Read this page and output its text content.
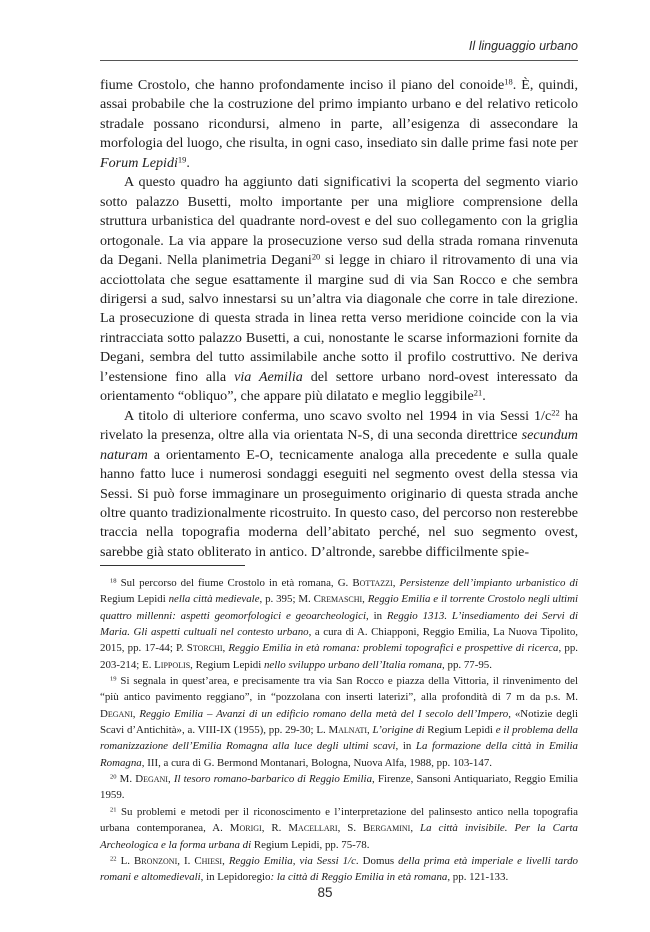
Il linguaggio urbano

fiume Crostolo, che hanno profondamente inciso il piano del conoide$^{18}$. È, quindi, assai probabile che la costruzione del primo impianto urbano e del relativo reticolo stradale possano ricondursi, almeno in parte, all’esigenza di assecondare la morfologia del luogo, che risulta, in ogni caso, insediato sin dalle prime fasi note per Forum Lepidi$^{19}$.

A questo quadro ha aggiunto dati significativi la scoperta del segmento viario sotto palazzo Busetti, molto importante per una migliore comprensione della struttura urbanistica del quadrante nord-ovest e del suo collegamento con la griglia ortogonale. La via appare la prosecuzione verso sud della strada romana rinvenuta da Degani. Nella planimetria Degani$^{20}$ si legge in chiaro il ritrovamento di una via acciottolata che segue esattamente il margine sud di via San Rocco e che sembra dirigersi a sud, salvo innestarsi su un’altra via diagonale che corre in tale direzione. La prosecuzione di questa strada in linea retta verso meridione coincide con la via rintracciata sotto palazzo Busetti, a cui, nonostante le scarse informazioni fornite da Degani, sembra del tutto assimilabile anche sotto il profilo costruttivo. Ne deriva l’estensione fino alla via Aemilia del settore urbano nord-ovest interessato da orientamento “obliquo”, che appare più dilatato e meglio leggibile$^{21}$.

A titolo di ulteriore conferma, uno scavo svolto nel 1994 in via Sessi $1/c^{22}$ ha rivelato la presenza, oltre alla via orientata N-S, di una seconda direttrice secundum naturam a orientamento E-O, tecnicamente analoga alla precedente e sulla quale hanno fatto luce i numerosi sondaggi eseguiti nel segmento ovest della stessa via Sessi. Si può forse immaginare un proseguimento originario di questa strada anche oltre quanto tradizionalmente ricostruito. In questo caso, del percorso non resterebbe traccia nella topografia moderna dell’abitato perché, nel suo segmento ovest, sarebbe già stato obliterato in antico. D’altronde, sarebbe difficilmente spie-

$^{18}$ Sul percorso del fiume Crostolo in età romana, G. Bottazzi, Persistenze dell’impianto urbanistico di Regium Lepidi nella città medievale, p. 395; M. Cremaschi, Reggio Emilia e il torrente Crostolo negli ultimi quattro millenni: aspetti geomorfologici e geoarcheologici, in Reggio 1313. L’insediamento dei Servi di Maria. Gli aspetti cultuali nel contesto urbano, a cura di A. Chiapponi, Reggio Emilia, La Nuova Tipolito, 2015, pp. 17-44; P. Storchi, Reggio Emilia in età romana: problemi topografici e prospettive di ricerca, pp. 203-214; E. Lippolis, Regium Lepidi nello sviluppo urbano dell’Italia romana, pp. 77-95.

$^{19}$ Si segnala in quest’area, e precisamente tra via San Rocco e piazza della Vittoria, il rinvenimento del “più antico pavimento reggiano”, in “pozzolana con inserti laterizi”, alla profondità di 7 m da p.s. M. Degani, Reggio Emilia – Avanzi di un edificio romano della metà del I secolo dell’Impero, «Notizie degli Scavi d’Antichità», a. VIII-IX (1955), pp. 29-30; L. Malnati, L’origine di Regium Lepidi e il problema della romanizzazione dell’Emilia Romagna alla luce degli ultimi scavi, in La formazione della città in Emilia Romagna, III, a cura di G. Bermond Montanari, Bologna, Nuova Alfa, 1988, pp. 103-147.

$^{20}$ M. Degani, Il tesoro romano-barbarico di Reggio Emilia, Firenze, Sansoni Antiquariato, Reggio Emilia 1959.

$^{21}$ Su problemi e metodi per il riconoscimento e l’interpretazione del palinsesto antico nella topografia urbana contemporanea, A. Morigi, R. Macellari, S. Bergamini, La città invisibile. Per la Carta Archeologica e la forma urbana di Regium Lepidi, pp. 75-78.

$^{22}$ L. Bronzoni, I. Chiesi, Reggio Emilia, via Sessi 1/c. Domus della prima età imperiale e livelli tardo romani e altomedievali, in Lepidoregio: la città di Reggio Emilia in età romana, pp. 121-133.

85
